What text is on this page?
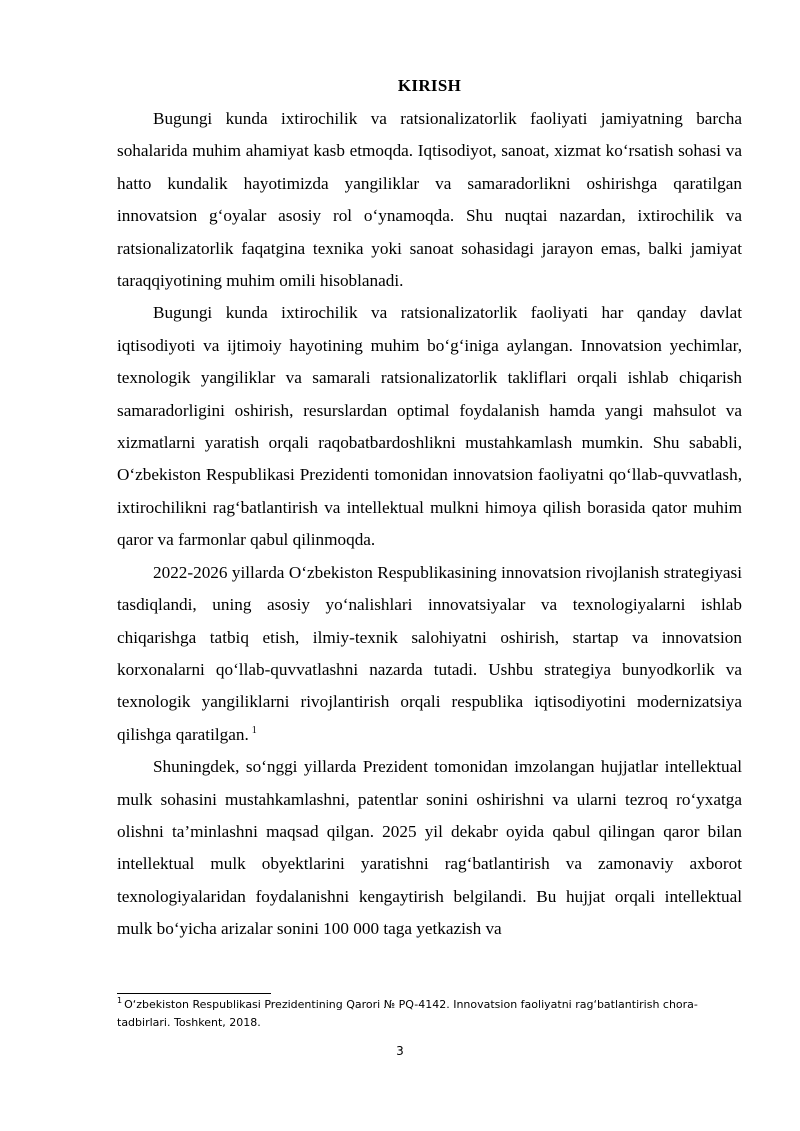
KIRISH

Bugungi kunda ixtirochilik va ratsionalizatorlik faoliyati jamiyatning barcha sohalarida muhim ahamiyat kasb etmoqda. Iqtisodiyot, sanoat, xizmat ko‘rsatish sohasi va hatto kundalik hayotimizda yangiliklar va samaradorlikni oshirishga qaratilgan innovatsion g‘oyalar asosiy rol o‘ynamoqda. Shu nuqtai nazardan, ixtirochilik va ratsionalizatorlik faqatgina texnika yoki sanoat sohasidagi jarayon emas, balki jamiyat taraqqiyotining muhim omili hisoblanadi.

Bugungi kunda ixtirochilik va ratsionalizatorlik faoliyati har qanday davlat iqtisodiyoti va ijtimoiy hayotining muhim bo‘g‘iniga aylangan. Innovatsion yechimlar, texnologik yangiliklar va samarali ratsionalizatorlik takliflari orqali ishlab chiqarish samaradorligini oshirish, resurslardan optimal foydalanish hamda yangi mahsulot va xizmatlarni yaratish orqali raqobatbardoshlikni mustahkamlash mumkin. Shu sababli, O‘zbekiston Respublikasi Prezidenti tomonidan innovatsion faoliyatni qo‘llab-quvvatlash, ixtirochilikni rag‘batlantirish va intellektual mulkni himoya qilish borasida qator muhim qaror va farmonlar qabul qilinmoqda.

2022-2026 yillarda O‘zbekiston Respublikasining innovatsion rivojlanish strategiyasi tasdiqlandi, uning asosiy yo‘nalishlari innovatsiyalar va texnologiyalarni ishlab chiqarishga tatbiq etish, ilmiy-texnik salohiyatni oshirish, startap va innovatsion korxonalarni qo‘llab-quvvatlashni nazarda tutadi. Ushbu strategiya bunyodkorlik va texnologik yangiliklarni rivojlantirish orqali respublika iqtisodiyotini modernizatsiya qilishga qaratilgan. $^1$

Shuningdek, so‘nggi yillarda Prezident tomonidan imzolangan hujjatlar intellektual mulk sohasini mustahkamlashni, patentlar sonini oshirishni va ularni tezroq ro‘yxatga olishni ta’minlashni maqsad qilgan. 2025 yil dekabr oyida qabul qilingan qaror bilan intellektual mulk obyektlarini yaratishni rag‘batlantirish va zamonaviy axborot texnologiyalaridan foydalanishni kengaytirish belgilandi. Bu hujjat orqali intellektual mulk bo‘yicha arizalar sonini 100 000 taga yetkazish va

$^1$ O‘zbekiston Respublikasi Prezidentining Qarori № PQ-4142. Innovatsion faoliyatni rag‘batlantirish chora-tadbirlari. Toshkent, 2018.
3
